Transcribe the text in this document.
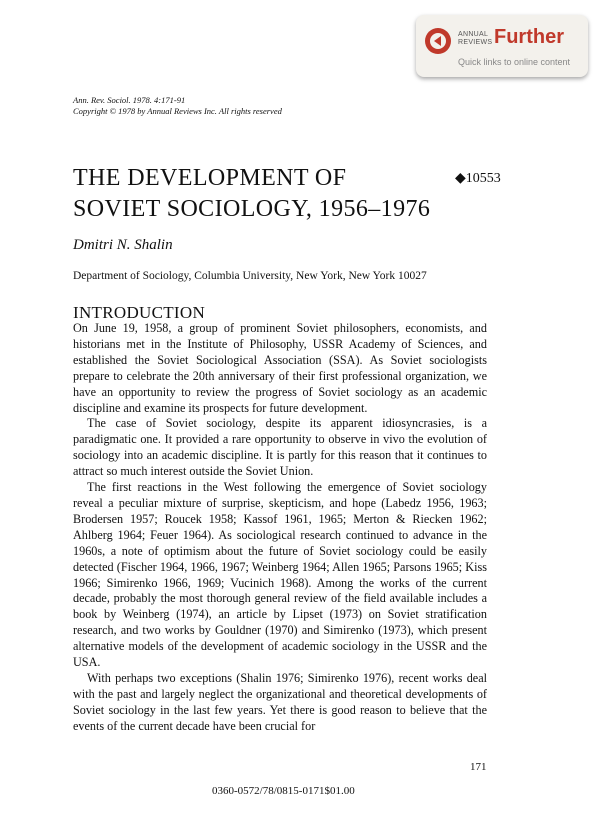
ANNUAL
REVIEWS Further
Quick links to online content
Ann. Rev. Sociol. 1978. 4:171-91
Copyright © 1978 by Annual Reviews Inc. All rights reserved
THE DEVELOPMENT OF
SOVIET SOCIOLOGY, 1956–1976
◆10553
Dmitri N. Shalin
Department of Sociology, Columbia University, New York, New York 10027
INTRODUCTION

On June 19, 1958, a group of prominent Soviet philosophers, economists, and historians met in the Institute of Philosophy, USSR Academy of Sciences, and established the Soviet Sociological Association (SSA). As Soviet sociologists prepare to celebrate the 20th anniversary of their first professional organization, we have an opportunity to review the progress of Soviet sociology as an academic discipline and examine its prospects for future development.

The case of Soviet sociology, despite its apparent idiosyncrasies, is a paradigmatic one. It provided a rare opportunity to observe in vivo the evolution of sociology into an academic discipline. It is partly for this reason that it continues to attract so much interest outside the Soviet Union.

The first reactions in the West following the emergence of Soviet sociology reveal a peculiar mixture of surprise, skepticism, and hope (Labedz 1956, 1963; Brodersen 1957; Roucek 1958; Kassof 1961, 1965; Merton & Riecken 1962; Ahlberg 1964; Feuer 1964). As sociological research continued to advance in the 1960s, a note of optimism about the future of Soviet sociology could be easily detected (Fischer 1964, 1966, 1967; Weinberg 1964; Allen 1965; Parsons 1965; Kiss 1966; Simirenko 1966, 1969; Vucinich 1968). Among the works of the current decade, probably the most thorough general review of the field available includes a book by Weinberg (1974), an article by Lipset (1973) on Soviet stratification research, and two works by Gouldner (1970) and Simirenko (1973), which present alternative models of the development of academic sociology in the USSR and the USA.

With perhaps two exceptions (Shalin 1976; Simirenko 1976), recent works deal with the past and largely neglect the organizational and theoretical developments of Soviet sociology in the last few years. Yet there is good reason to believe that the events of the current decade have been crucial for

171
0360-0572/78/0815-0171$01.00
